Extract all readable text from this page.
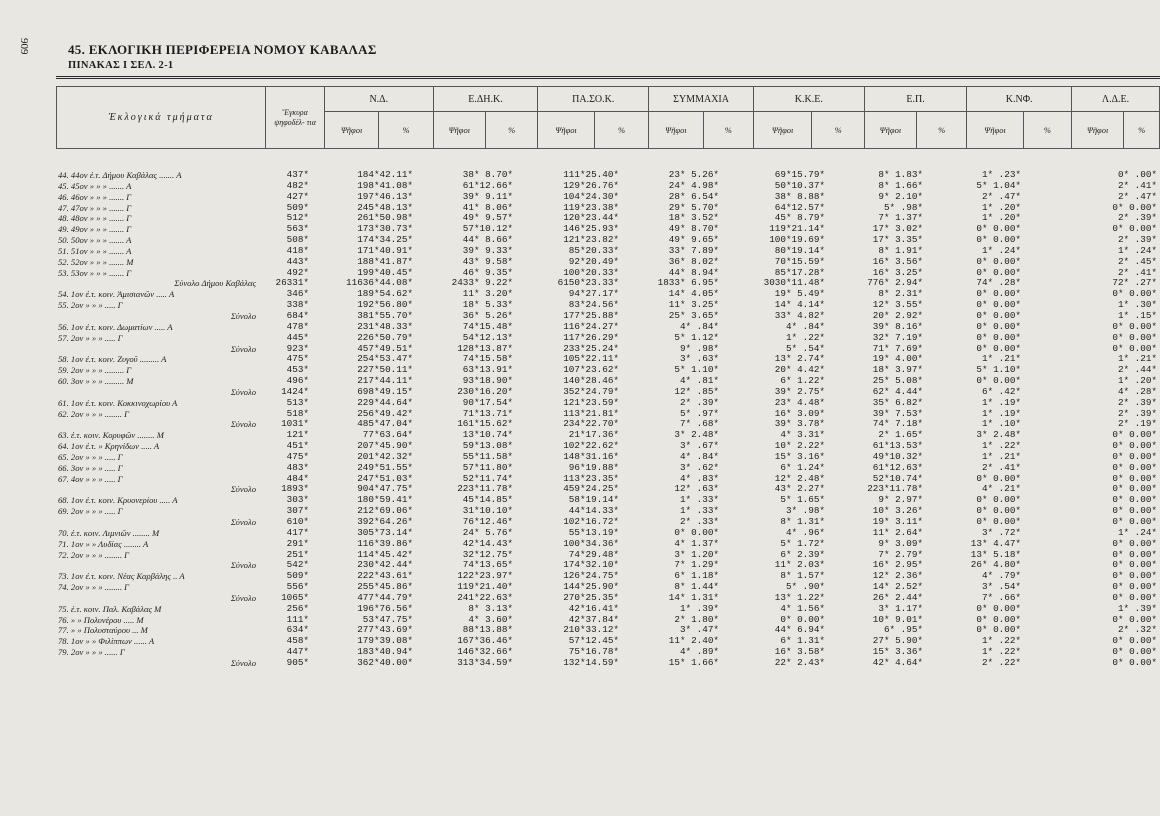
909	45. ΕΚΛΟΓΙΚΗ ΠΕΡΙΦΕΡΕΙΑ ΝΟΜΟΥ ΚΑΒΑΛΑΣ
ΠΙΝΑΚΑΣ Ι ΣΕΛ. 2-1
Ἐκλογικά τμήματα	Ἔγκυρα ψηφοδέλ- τια	Ν.Δ.		Ε.ΔΗ.Κ.		ΠΑ.ΣΟ.Κ.		ΣΥΜΜΑΧΙΑ		Κ.Κ.Ε.		Ε.Π.		Κ.ΝΦ.		Λ.Δ.Ε.	
		Ψῆφοι	%	Ψῆφοι	%	Ψῆφοι	%	Ψῆφοι	%	Ψῆφοι	%	Ψῆφοι	%	Ψῆφοι	%	Ψῆφοι	%
44. 44ον ἐ.τ. Δήμου Καβάλας ....... Α	437*	184*42.11*	38* 8.70*	111*25.40*	23* 5.26*	69*15.79*	8* 1.83*	1* .23*	0* .00*
45. 45ον » » » ....... Α	482*	198*41.08*	61*12.66*	129*26.76*	24* 4.98*	50*10.37*	8* 1.66*	5* 1.04*	2* .41*
46. 46ον » » » ....... Γ	427*	197*46.13*	39* 9.11*	104*24.30*	28* 6.54*	38* 8.88*	9* 2.10*	2* .47*	2* .47*
47. 47ον » » » ....... Γ	509*	245*48.13*	41* 8.06*	119*23.38*	29* 5.70*	64*12.57*	5* .98*	1* .20*	0* 0.00*
48. 48ον » » » ....... Γ	512*	261*50.98*	49* 9.57*	120*23.44*	18* 3.52*	45* 8.79*	7* 1.37*	1* .20*	2* .39*
49. 49ον » » » ....... Γ	563*	173*30.73*	57*10.12*	146*25.93*	49* 8.70*	119*21.14*	17* 3.02*	0* 0.00*	0* 0.00*
50. 50ον » » » ....... Α	508*	174*34.25*	44* 8.66*	121*23.82*	49* 9.65*	100*19.69*	17* 3.35*	0* 0.00*	2* .39*
51. 51ον » » » ....... Α	418*	171*40.91*	39* 9.33*	85*20.33*	33* 7.89*	80*19.14*	8* 1.91*	1* .24*	1* .24*
52. 52ον » » » ....... Μ	443*	188*41.87*	43* 9.58*	92*20.49*	36* 8.02*	70*15.59*	16* 3.56*	0* 0.00*	2* .45*
53. 53ον » » » ....... Γ	492*	199*40.45*	46* 9.35*	100*20.33*	44* 8.94*	85*17.28*	16* 3.25*	0* 0.00*	2* .41*
Σύνολο Δήμου Καβάλας	26331*	11636*44.08*	2433* 9.22*	6150*23.33*	1833* 6.95*	3030*11.48*	776* 2.94*	74* .28*	72* .27*
54. 1ον ἐ.τ. κοιν. Ἀμισιανῶν ..... Α	346*	189*54.62*	11* 3.20*	94*27.17*	14* 4.05*	19* 5.49*	8* 2.31*	0* 0.00*	0* 0.00*
55. 2ον » » » ..... Γ	338*	192*56.80*	18* 5.33*	83*24.56*	11* 3.25*	14* 4.14*	12* 3.55*	0* 0.00*	1* .30*
Σύνολο	684*	381*55.70*	36* 5.26*	177*25.88*	25* 3.65*	33* 4.82*	20* 2.92*	0* 0.00*	1* .15*
56. 1ον ἐ.τ. κοιν. Δωματίων ..... Α	478*	231*48.33*	74*15.48*	116*24.27*	4* .84*	4* .84*	39* 8.16*	0* 0.00*	0* 0.00*
57. 2ον » » » ..... Γ	445*	226*50.79*	54*12.13*	117*26.29*	5* 1.12*	1* .22*	32* 7.19*	0* 0.00*	0* 0.00*
Σύνολο	923*	457*49.51*	128*13.87*	233*25.24*	9* .98*	5* .54*	71* 7.69*	0* 0.00*	0* 0.00*
58. 1ον ἐ.τ. κοιν. Ζυγοῦ ......... Α	475*	254*53.47*	74*15.58*	105*22.11*	3* .63*	13* 2.74*	19* 4.00*	1* .21*	1* .21*
59. 2ον » » » ......... Γ	453*	227*50.11*	63*13.91*	107*23.62*	5* 1.10*	20* 4.42*	18* 3.97*	5* 1.10*	2* .44*
60. 3ον » » » ......... Μ	496*	217*44.11*	93*18.90*	140*28.46*	4* .81*	6* 1.22*	25* 5.08*	0* 0.00*	1* .20*
Σύνολο	1424*	698*49.15*	230*16.20*	352*24.79*	12* .85*	39* 2.75*	62* 4.44*	6* .42*	4* .28*
61. 1ον ἐ.τ. κοιν. Κοκκινοχωρίου Α	513*	229*44.64*	90*17.54*	121*23.59*	2* .39*	23* 4.48*	35* 6.82*	1* .19*	2* .39*
62. 2ον » » » ........ Γ	518*	256*49.42*	71*13.71*	113*21.81*	5* .97*	16* 3.09*	39* 7.53*	1* .19*	2* .39*
Σύνολο	1031*	485*47.04*	161*15.62*	234*22.70*	7* .68*	39* 3.78*	74* 7.18*	1* .10*	2* .19*
63. ἐ.τ. κοιν. Κορυφῶν ........ Μ	121*	77*63.64*	13*10.74*	21*17.36*	3* 2.48*	4* 3.31*	2* 1.65*	3* 2.48*	0* 0.00*
64. 1ον ἐ.τ. » Κρηνίδων ..... Α	451*	207*45.90*	59*13.08*	102*22.62*	3* .67*	10* 2.22*	61*13.53*	1* .22*	0* 0.00*
65. 2ον » » » ..... Γ	475*	201*42.32*	55*11.58*	148*31.16*	4* .84*	15* 3.16*	49*10.32*	1* .21*	0* 0.00*
66. 3ον » » » ..... Γ	483*	249*51.55*	57*11.80*	96*19.88*	3* .62*	6* 1.24*	61*12.63*	2* .41*	0* 0.00*
67. 4ον » » » ..... Γ	484*	247*51.03*	52*11.74*	113*23.35*	4* .83*	12* 2.48*	52*10.74*	0* 0.00*	0* 0.00*
Σύνολο	1893*	904*47.75*	223*11.78*	459*24.25*	12* .63*	43* 2.27*	223*11.78*	4* .21*	0* 0.00*
68. 1ον ἐ.τ. κοιν. Κρυονερίου ..... Α	303*	180*59.41*	45*14.85*	58*19.14*	1* .33*	5* 1.65*	9* 2.97*	0* 0.00*	0* 0.00*
69. 2ον » » » ..... Γ	307*	212*69.06*	31*10.10*	44*14.33*	1* .33*	3* .98*	10* 3.26*	0* 0.00*	0* 0.00*
Σύνολο	610*	392*64.26*	76*12.46*	102*16.72*	2* .33*	8* 1.31*	19* 3.11*	0* 0.00*	0* 0.00*
70. ἐ.τ. κοιν. Λιμνιῶν ........ Μ	417*	305*73.14*	24* 5.76*	55*13.19*	0* 0.00*	4* .96*	11* 2.64*	3* .72*	1* .24*
71. 1ον » » Λυδίας ........ Α	291*	116*39.86*	42*14.43*	100*34.36*	4* 1.37*	5* 1.72*	9* 3.09*	13* 4.47*	0* 0.00*
72. 2ον » » » ........ Γ	251*	114*45.42*	32*12.75*	74*29.48*	3* 1.20*	6* 2.39*	7* 2.79*	13* 5.18*	0* 0.00*
Σύνολο	542*	230*42.44*	74*13.65*	174*32.10*	7* 1.29*	11* 2.03*	16* 2.95*	26* 4.80*	0* 0.00*
73. 1ον ἐ.τ. κοιν. Νέας Καρβάλης .. Α	509*	222*43.61*	122*23.97*	126*24.75*	6* 1.18*	8* 1.57*	12* 2.36*	4* .79*	0* 0.00*
74. 2ον » » » ........ Γ	556*	255*45.86*	119*21.40*	144*25.90*	8* 1.44*	5* .90*	14* 2.52*	3* .54*	0* 0.00*
Σύνολο	1065*	477*44.79*	241*22.63*	270*25.35*	14* 1.31*	13* 1.22*	26* 2.44*	7* .66*	0* 0.00*
75. ἐ.τ. κοιν. Παλ. Καβάλας Μ	256*	196*76.56*	8* 3.13*	42*16.41*	1* .39*	4* 1.56*	3* 1.17*	0* 0.00*	1* .39*
76. » » Πολυνέρου ..... Μ	111*	53*47.75*	4* 3.60*	42*37.84*	2* 1.80*	0* 0.00*	10* 9.01*	0* 0.00*	0* 0.00*
77. » » Πολυσταύρου ... Μ	634*	277*43.69*	88*13.88*	210*33.12*	3* .47*	44* 6.94*	6* .95*	0* 0.00*	2* .32*
78. 1ον » » Φιλίππων ...... Α	458*	179*39.08*	167*36.46*	57*12.45*	11* 2.40*	6* 1.31*	27* 5.90*	1* .22*	0* 0.00*
79. 2ον » » » ...... Γ	447*	183*40.94*	146*32.66*	75*16.78*	4* .89*	16* 3.58*	15* 3.36*	1* .22*	0* 0.00*
Σύνολο	905*	362*40.00*	313*34.59*	132*14.59*	15* 1.66*	22* 2.43*	42* 4.64*	2* .22*	0* 0.00*
